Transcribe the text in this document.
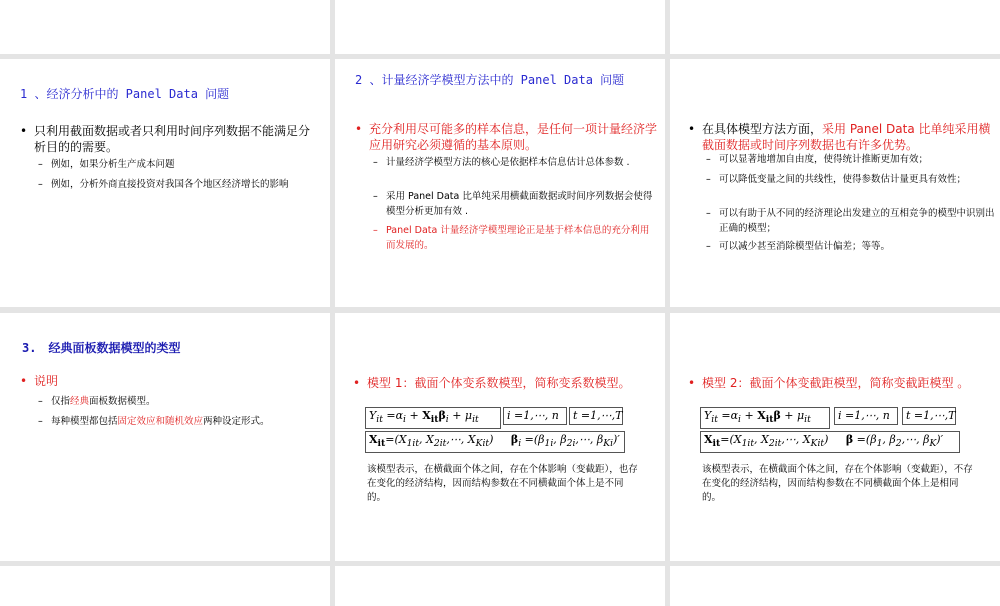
1 、经济分析中的 Panel Data 问题
• 只利用截面数据或者只利用时间序列数据不能满足分析目的的需要。
– 例如，如果分析生产成本问题
– 例如，分析外商直接投资对我国各个地区经济增长的影响
2 、计量经济学模型方法中的 Panel Data 问题
• 充分利用尽可能多的样本信息，是任何一项计量经济学应用研究必须遵循的基本原则。
– 计量经济学模型方法的核心是依据样本信息估计总体参数 .
– 采用 Panel Data 比单纯采用横截面数据或时间序列数据会使得模型分析更加有效 .
– Panel Data 计量经济学模型理论正是基于样本信息的充分利用而发展的。
• 在具体模型方法方面，采用 Panel Data 比单纯采用横截面数据或时间序列数据也有许多优势。
– 可以显著地增加自由度，使得统计推断更加有效；
– 可以降低变量之间的共线性，使得参数估计量更具有效性；
– 可以有助于从不同的经济理论出发建立的互相竞争的模型中识别出正确的模型；
– 可以减少甚至消除模型估计偏差；等等。
3.　经典面板数据模型的类型
• 说明
– 仅指经典面板数据模型。
– 每种模型都包括固定效应和随机效应两种设定形式。
• 模型 1：截面个体变系数模型，简称变系数模型。
$Y_{it} =\alpha_i + X_{it}\beta_i + \mu_{it}$	i =1,⋯, n	t =1,⋯,T
$X_{it}=(X_{1it}$, $X_{2it},\cdots$, $X_{Kit}$)     $\beta_i =(\beta_{1i}$, $\beta_{2i},\cdots$, $\beta_{Ki})'$
该模型表示，在横截面个体之间，存在个体影响（变截距），也存在变化的经济结构，因而结构参数在不同横截面个体上是不同的。
• 模型 2：截面个体变截距模型，简称变截距模型 。
$Y_{it} =\alpha_i + X_{it}\beta + \mu_{it}$	i =1,⋯, n	t =1,⋯,T
$X_{it}=(X_{1it}$, $X_{2it},\cdots$, $X_{Kit}$)     $\beta =(\beta_1$, $\beta_2,\cdots$, $\beta_K)'$
该模型表示，在横截面个体之间，存在个体影响（变截距），不存在变化的经济结构，因而结构参数在不同横截面个体上是相同的。
